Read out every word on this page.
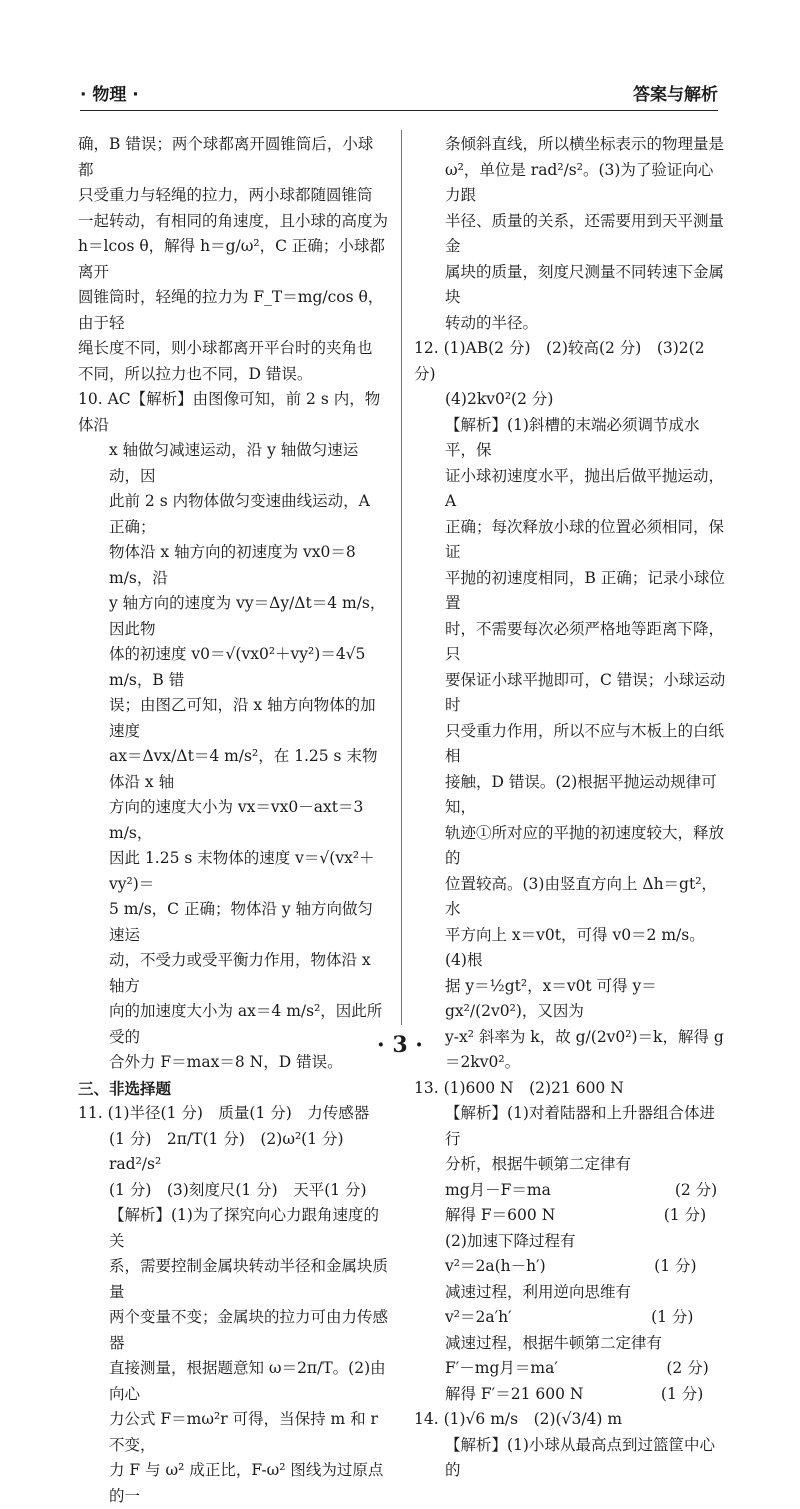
· 物理 ·	答案与解析

确，B 错误；两个球都离开圆锥筒后，小球都

只受重力与轻绳的拉力，两小球都随圆锥筒

一起转动，有相同的角速度，且小球的高度为

h＝lcos θ，解得 h＝g/ω²，C 正确；小球都离开

圆锥筒时，轻绳的拉力为 F_T＝mg/cos θ，由于轻

绳长度不同，则小球都离开平台时的夹角也

不同，所以拉力也不同，D 错误。

10. AC【解析】由图像可知，前 2 s 内，物体沿

x 轴做匀减速运动，沿 y 轴做匀速运动，因

此前 2 s 内物体做匀变速曲线运动，A 正确；

物体沿 x 轴方向的初速度为 vx0＝8 m/s，沿

y 轴方向的速度为 vy＝Δy/Δt＝4 m/s，因此物

体的初速度 v0＝√(vx0²＋vy²)＝4√5 m/s，B 错

误；由图乙可知，沿 x 轴方向物体的加速度

ax＝Δvx/Δt＝4 m/s²，在 1.25 s 末物体沿 x 轴

方向的速度大小为 vx＝vx0－axt＝3 m/s，

因此 1.25 s 末物体的速度 v＝√(vx²＋vy²)＝

5 m/s，C 正确；物体沿 y 轴方向做匀速运

动，不受力或受平衡力作用，物体沿 x 轴方

向的加速度大小为 ax＝4 m/s²，因此所受的

合外力 F＝max＝8 N，D 错误。

三、非选择题

11. (1)半径(1 分)　质量(1 分)　力传感器

(1 分)　2π/T(1 分)　(2)ω²(1 分)　rad²/s²

(1 分)　(3)刻度尺(1 分)　天平(1 分)

【解析】(1)为了探究向心力跟角速度的关

系，需要控制金属块转动半径和金属块质量

两个变量不变；金属块的拉力可由力传感器

直接测量，根据题意知 ω＝2π/T。(2)由向心

力公式 F＝mω²r 可得，当保持 m 和 r 不变，

力 F 与 ω² 成正比，F-ω² 图线为过原点的一

条倾斜直线，所以横坐标表示的物理量是

ω²，单位是 rad²/s²。(3)为了验证向心力跟

半径、质量的关系，还需要用到天平测量金

属块的质量，刻度尺测量不同转速下金属块

转动的半径。

12. (1)AB(2 分)　(2)较高(2 分)　(3)2(2 分)

(4)2kv0²(2 分)

【解析】(1)斜槽的末端必须调节成水平，保

证小球初速度水平，抛出后做平抛运动，A

正确；每次释放小球的位置必须相同，保证

平抛的初速度相同，B 正确；记录小球位置

时，不需要每次必须严格地等距离下降，只

要保证小球平抛即可，C 错误；小球运动时

只受重力作用，所以不应与木板上的白纸相

接触，D 错误。(2)根据平抛运动规律可知，

轨迹①所对应的平抛的初速度较大，释放的

位置较高。(3)由竖直方向上 Δh＝gt²，水

平方向上 x＝v0t，可得 v0＝2 m/s。(4)根

据 y＝½gt²，x＝v0t 可得 y＝gx²/(2v0²)，又因为

y-x² 斜率为 k，故 g/(2v0²)＝k，解得 g＝2kv0²。

13. (1)600 N　(2)21 600 N

【解析】(1)对着陆器和上升器组合体进行

分析，根据牛顿第二定律有

mg月－F＝ma　　　　　　　　(2 分)

解得 F＝600 N　　　　　　　(1 分)

(2)加速下降过程有

v²＝2a(h－h′)　　　　　　　(1 分)

减速过程，利用逆向思维有

v²＝2a′h′　　　　　　　　　(1 分)

减速过程，根据牛顿第二定律有

F′－mg月＝ma′　　　　　　　(2 分)

解得 F′＝21 600 N　　　　　(1 分)

14. (1)√6 m/s　(2)(√3/4) m

【解析】(1)小球从最高点到过篮筐中心的

· 3 ·
